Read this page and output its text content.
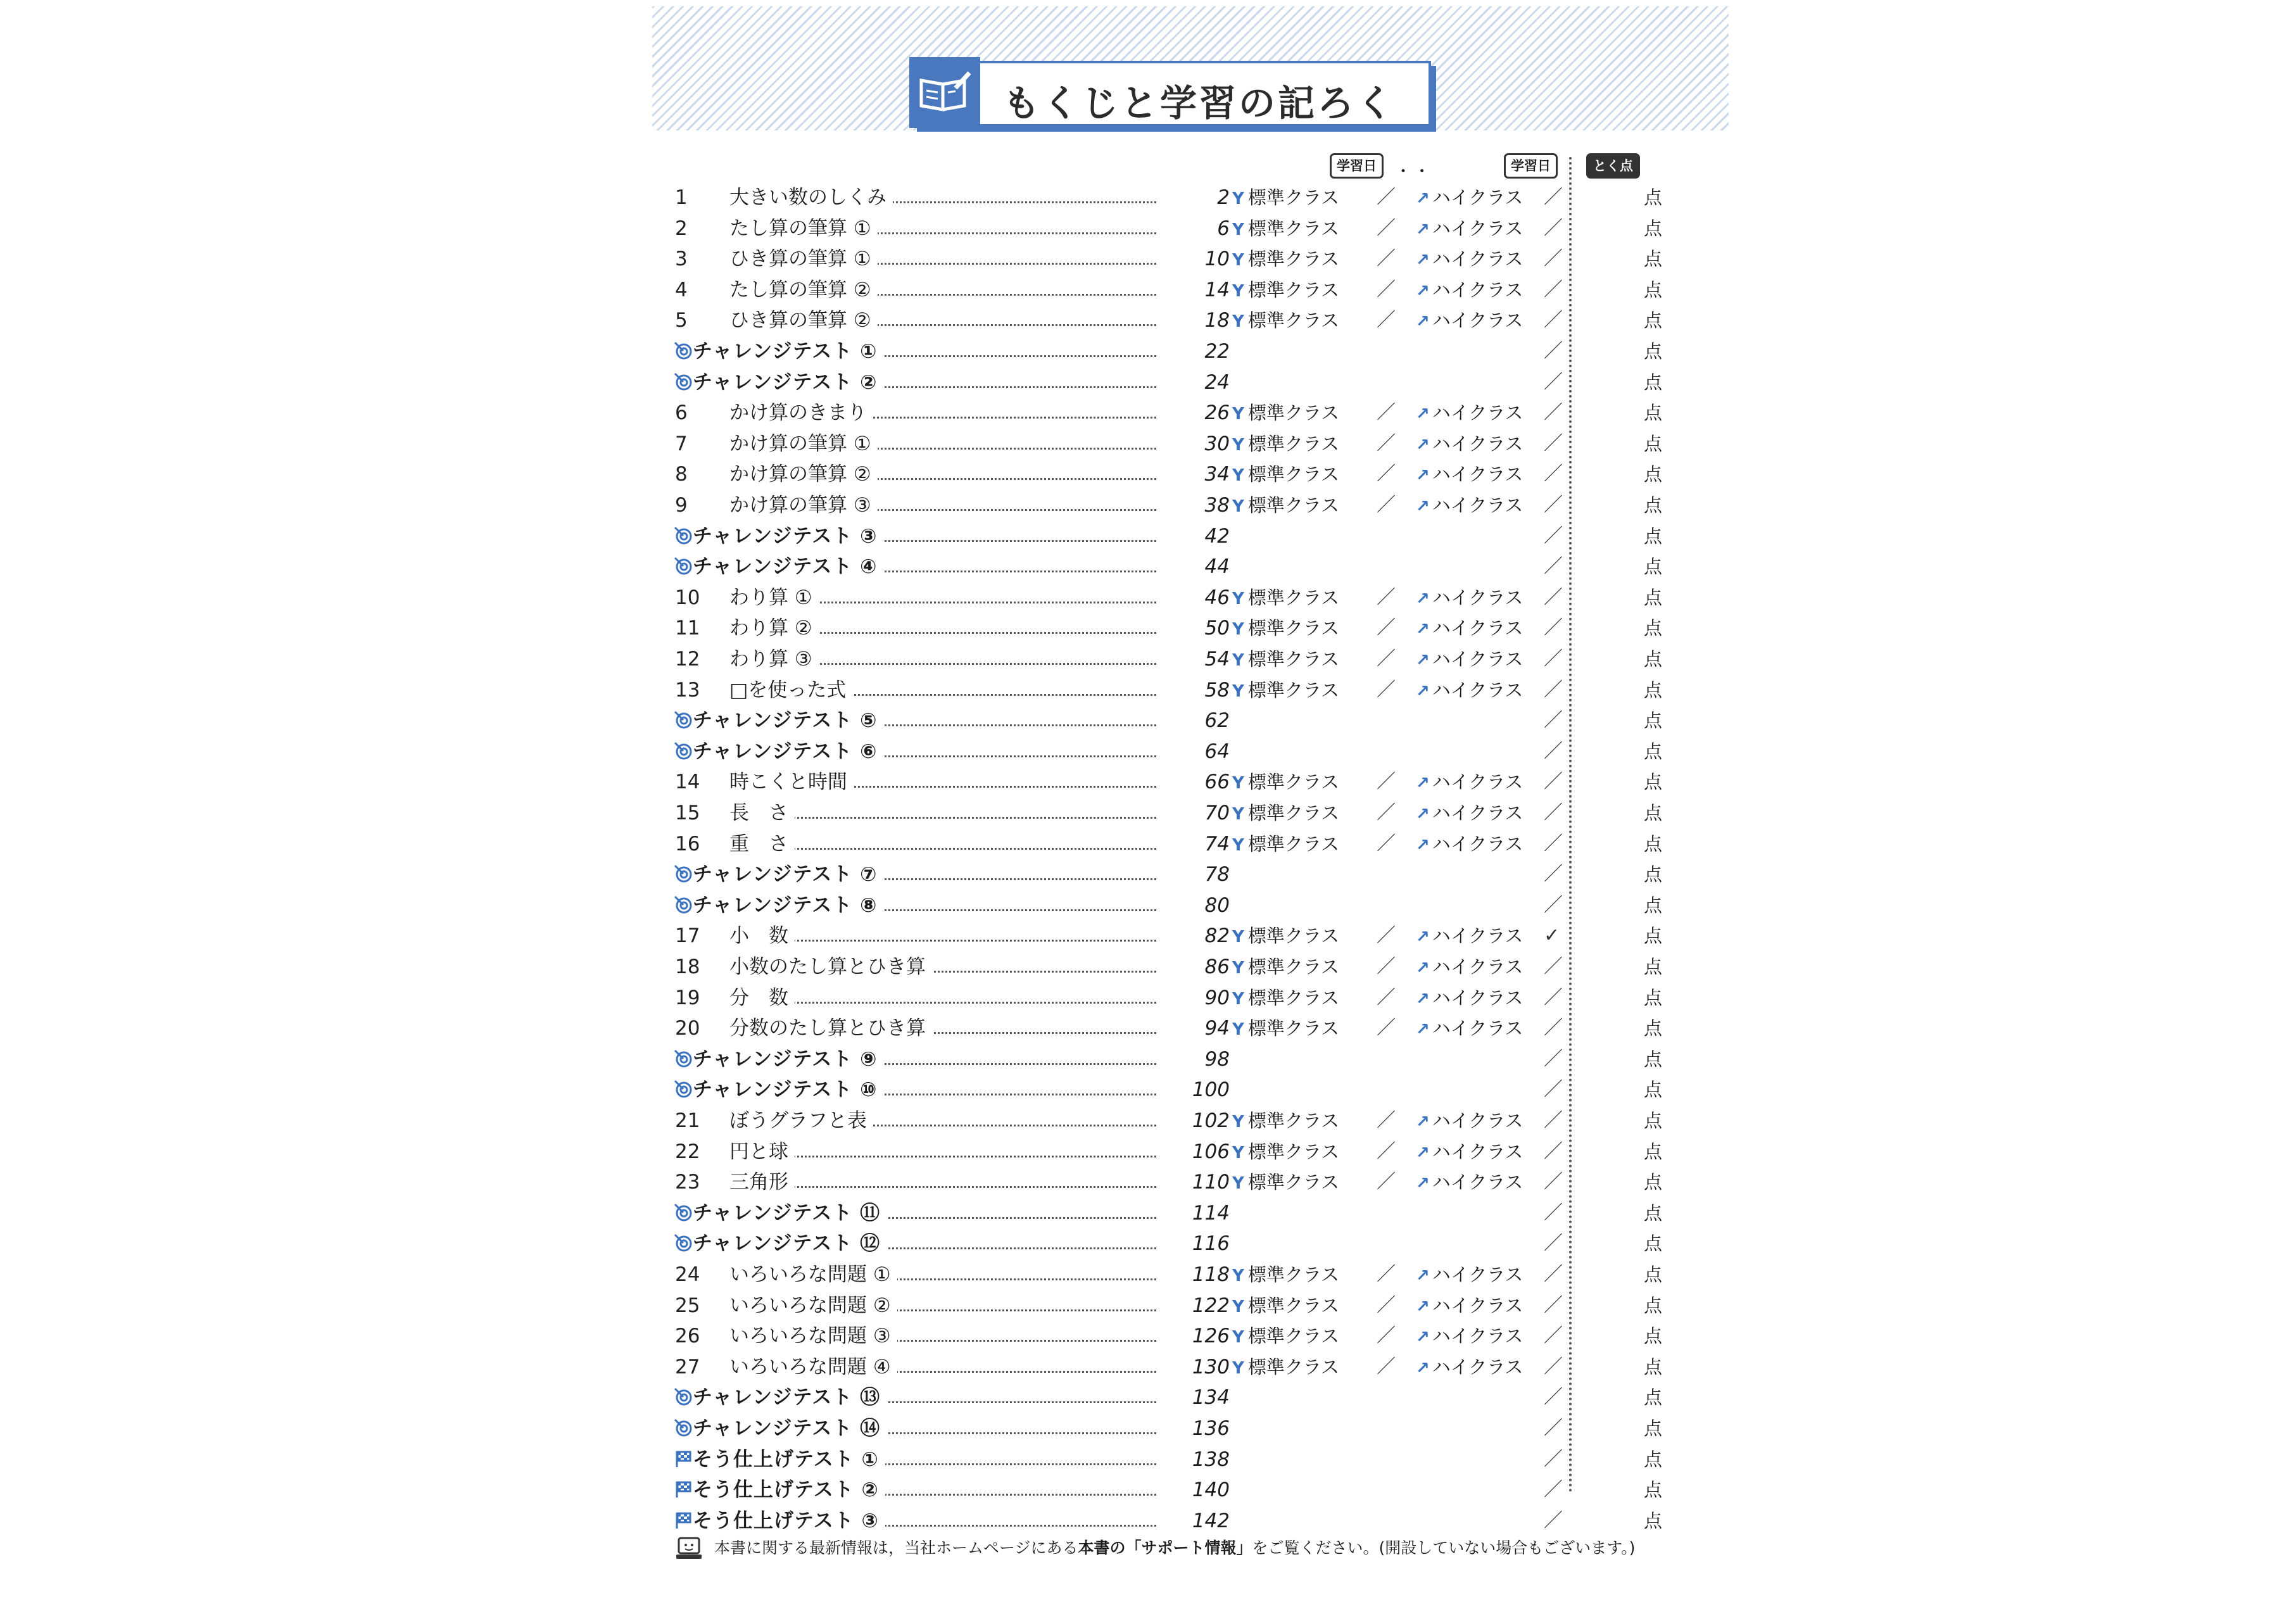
もくじと学習の記ろく
学習日	・ ・	学習日	とく点
1	大きい数のしくみ	2 Y 標準クラス ／ ↗ ハイクラス ／	点
2	たし算の筆算 ①	6 Y 標準クラス ／ ↗ ハイクラス ／	点
3	ひき算の筆算 ①	10 Y 標準クラス ／ ↗ ハイクラス ／	点
4	たし算の筆算 ②	14 Y 標準クラス ／ ↗ ハイクラス ／	点
5	ひき算の筆算 ②	18 Y 標準クラス ／ ↗ ハイクラス ／	点
チャレンジテスト ①	22	／	点
チャレンジテスト ②	24	／	点
6	かけ算のきまり	26 Y 標準クラス ／ ↗ ハイクラス ／	点
7	かけ算の筆算 ①	30 Y 標準クラス ／ ↗ ハイクラス ／	点
8	かけ算の筆算 ②	34 Y 標準クラス ／ ↗ ハイクラス ／	点
9	かけ算の筆算 ③	38 Y 標準クラス ／ ↗ ハイクラス ／	点
チャレンジテスト ③	42	／	点
チャレンジテスト ④	44	／	点
10	わり算 ①	46 Y 標準クラス ／ ↗ ハイクラス ／	点
11	わり算 ②	50 Y 標準クラス ／ ↗ ハイクラス ／	点
12	わり算 ③	54 Y 標準クラス ／ ↗ ハイクラス ／	点
13	□を使った式	58 Y 標準クラス ／ ↗ ハイクラス ／	点
チャレンジテスト ⑤	62	／	点
チャレンジテスト ⑥	64	／	点
14	時こくと時間	66 Y 標準クラス ／ ↗ ハイクラス ／	点
15	長　さ	70 Y 標準クラス ／ ↗ ハイクラス ／	点
16	重　さ	74 Y 標準クラス ／ ↗ ハイクラス ／	点
チャレンジテスト ⑦	78	／	点
チャレンジテスト ⑧	80	／	点
17	小　数	82 Y 標準クラス ／ ↗ ハイクラス ✓	点
18	小数のたし算とひき算	86 Y 標準クラス ／ ↗ ハイクラス ／	点
19	分　数	90 Y 標準クラス ／ ↗ ハイクラス ／	点
20	分数のたし算とひき算	94 Y 標準クラス ／ ↗ ハイクラス ／	点
チャレンジテスト ⑨	98	／	点
チャレンジテスト ⑩	100	／	点
21	ぼうグラフと表	102 Y 標準クラス ／ ↗ ハイクラス ／	点
22	円と球	106 Y 標準クラス ／ ↗ ハイクラス ／	点
23	三角形	110 Y 標準クラス ／ ↗ ハイクラス ／	点
チャレンジテスト ⑪	114	／	点
チャレンジテスト ⑫	116	／	点
24	いろいろな問題 ①	118 Y 標準クラス ／ ↗ ハイクラス ／	点
25	いろいろな問題 ②	122 Y 標準クラス ／ ↗ ハイクラス ／	点
26	いろいろな問題 ③	126 Y 標準クラス ／ ↗ ハイクラス ／	点
27	いろいろな問題 ④	130 Y 標準クラス ／ ↗ ハイクラス ／	点
チャレンジテスト ⑬	134	／	点
チャレンジテスト ⑭	136	／	点
そう仕上げテスト ①	138	／	点
そう仕上げテスト ②	140	／	点
そう仕上げテスト ③	142	／	点
本書に関する最新情報は，当社ホームページにある本書の「サポート情報」をご覧ください。(開設していない場合もございます。)
